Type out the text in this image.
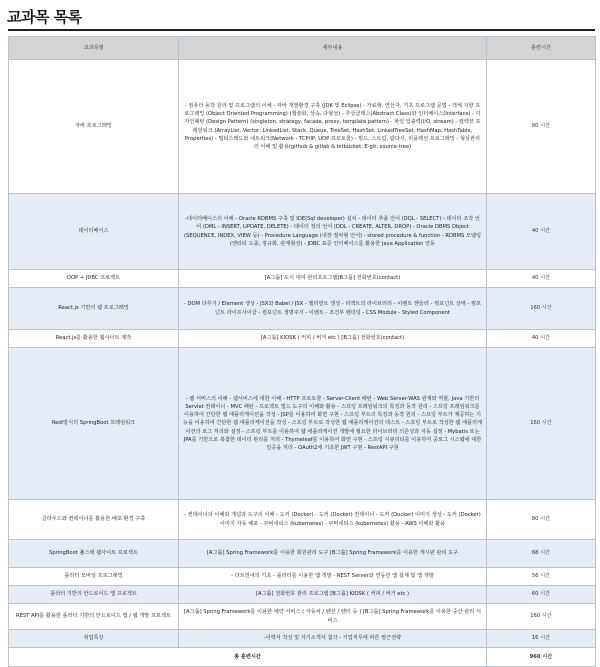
교과목 목록
교과목명	세부내용	훈련시간
자바 프로그래밍	- 컴퓨터 동작 원리 및 프로그램의 이해 - 자바 개발환경 구축 (JDK 및 Eclipse) - 자료형, 연산자, 기초 프로그램 문법 - 객체 지향 프로그래밍 (Object Oriented Programming) (캡슐화, 상속, 다형성) - 추상클래스(Abstract Class)와 인터페이스(Interface) - 디자인패턴 (Design Pattern) (singleton, strategy, facade, proxy, template pattern) - 파일 입출력(I/O, stream) - 컬렉션 프레임워크 (ArrayList, Vector, LinkedList, Stack, Queue, TreeSet, HashSet, LinkedTreeSet, HashMap, HashTable, Properties) - 멀티스레드와 네트워크(Network - TCP/IP, UDP 프로토콜) - 빌드, 스트림, 람다식, 리플렉션 프로그래밍 - 형상관리의 이해 및 활용(github & gitlab & bitbucket, E-git, source-tree)	80 시간
데이터베이스	-데이터베이스의 이해 - Oracle RDBMS 구축 및 IDE(Sql developer) 설치 - 데이터 추출 언어 (DQL - SELECT) - 데이터 조작 언어 (DML - INSERT, UPDATE, DELETE) - 데이터 정의 언어 (DDL - CREATE, ALTER, DROP) - Oracle DBMS Object (SEQUENCE, INDEX, VIEW 등) - Procedure Language (내장 절차형 언어) - stored procedure & function - RDBMS 모델링 (엔티티 도출, 정규화, 관계형성) - JDBC 표준 인터페이스를 활용한 Java Application 연동	40 시간
OOP + JDBC 프로젝트	[A그룹] 도서 대여 관리프로그램[B그룹] 전화번호(contact)	40 시간
React.js 기반의 웹 프로그래밍	- DOM 다루기 / Element 생성 - JSX와 Babel / JSX - 엘리먼트 생성 - 리액트의 라이브러리 - 이벤트 핸들러 - 컴포넌트 상태 - 컴포넌트 라이프사이클 - 컴포넌트 생명주기 - 이벤트 - 조건부 렌더링 - CSS Module - Styled Component	160 시간
React.js를 활용한 웹사이트 제작	[A그룹] KIOSK ( 커피 / 버거 etc ) [B그룹] 전화번호(contact)	40 시간
Rest방식의 SpringBoot 프레임워크	- 웹 서비스의 이해 - 웹서비스에 대한 이해 - HTTP 프로토콜 - Server-Client 패턴 - Web Server-WAS 관계와 역할, Java 기반의 Servlet 컨테이너 - MVC 패턴 - 프로젝트 빌드 도구의 이해와 활용 - 스프링 프레임워크의 특징과 동작 원리 - 스프링 프레임워크를 이용하여 간단한 웹 애플리케이션을 작성 - JSP를 이용하여 화면 구현 - 스프링 부트의 특징과 동작 원리 - 스프링 부트가 제공하는 기능을 이용하여 간단한 웹 애플리케이션을 작성 - 스프링 부트로 작성한 웹 애플리케이션의 테스트 - 스프링 부트로 작성한 웹 애플리케이션의 로그 처리와 설정 - 스프링 부트를 이용하여 웹 애플리케이션 개발에 필요한 라이브러리 의존성과 자동 설정 - Mybatis 또는 JPA를 기반으로 복잡한 데이터 관리를 처리 - Thymeleaf를 이용하여 화면 구현 - 스프링 시큐리티를 이용하여 공로그 시스템에 대한 인증을 처리 - OAuth2에 기초한 JWT 구현 - RestAPI 구현	160 시간
클라우드와 컨테이너를 활용한 배포 환경 구축	- 컨테이너의 이해와 개념과 도구의 이해 - 도커 (Docker) - 도커 (Docker) 컨테이너 - 도커 (Docker) 이미지 생성 - 도커 (Docker) 이미지 자동 배포 - 쿠버네티스 (kubernetes) - 쿠버네티스 (kubernetes) 활용 - AWS 이해와 활용	80 시간
SpringBoot 풀스택 웹사이트 프로젝트	[A그룹] Spring Framework를 이용한 회원관리 도구 [B그룹] Spring Framework를 이용한 게시판 관리 도구	68 시간
플러터 모바일 프로그래밍	- 다트언어의 기초 - 플러터를 이용한 앱 개발 - REST Server와 연동한 앱 설계 및 앱 개발	56 시간
플러터 기반의 안드로이드 앱 프로젝트	[A그룹] 전화번호 관리 프로그램 [B그룹] KIOSK ( 커피 / 버거 etc )	60 시간
REST API를 활용한 플러터 기반의 안드로이드 앱 / 웹 개발 프로젝트	[A그룹] Spring Framework를 이용한 예약 서비스 ( 자동차 / 펜션 / 렌터 등 ) [B그룹] Spring Framework를 이용한 중산 관리 서비스	160 시간
취업특강	-이력서 작성 및 자기소개서 첨삭 - 기업직무에 따른 컴근전략	16 시간
총 훈련시간		960 시간
